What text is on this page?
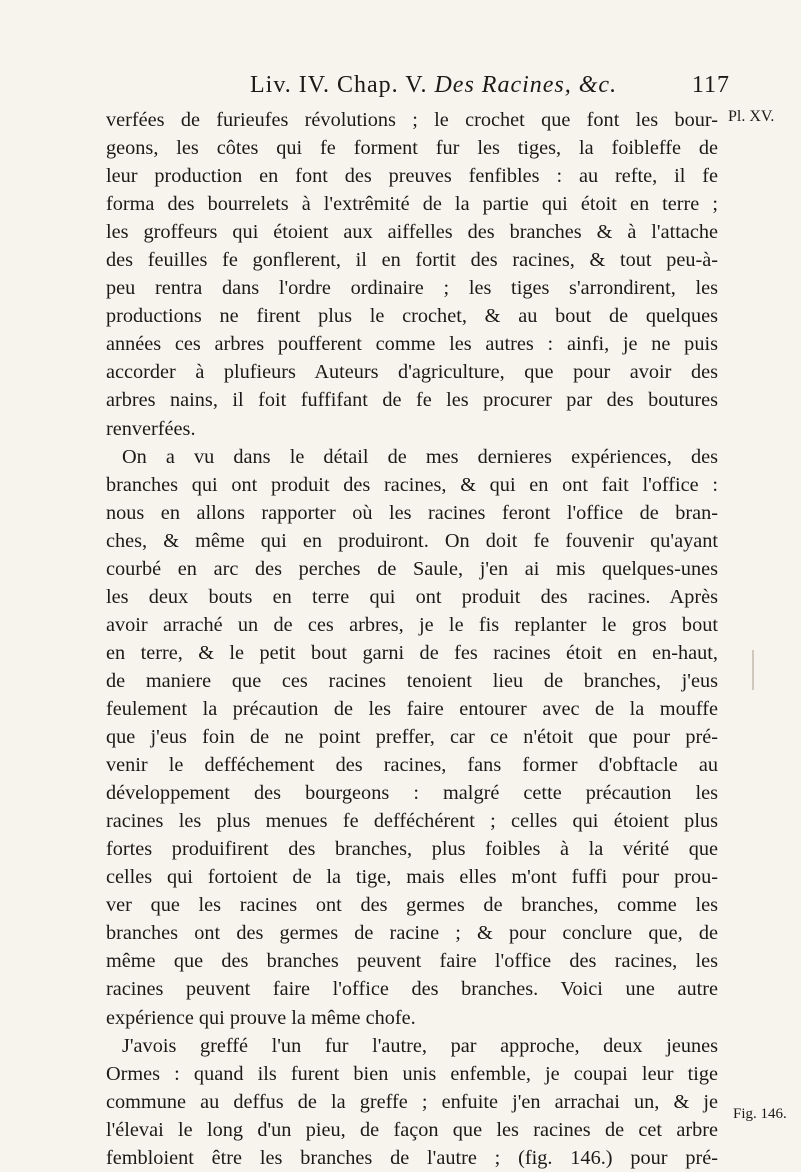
Liv. IV. Chap. V. Des Racines, &c.	117
Pl. XV.
Fig. 146.
verfées de furieufes révolutions ; le crochet que font les bour-
geons, les côtes qui fe forment fur les tiges, la foibleffe de
leur production en font des preuves fenfibles : au refte, il fe
forma des bourrelets à l'extrêmité de la partie qui étoit en terre ;
les groffeurs qui étoient aux aiffelles des branches & à l'attache
des feuilles fe gonflerent, il en fortit des racines, & tout peu-à-
peu rentra dans l'ordre ordinaire ; les tiges s'arrondirent, les
productions ne firent plus le crochet, & au bout de quelques
années ces arbres poufferent comme les autres : ainfi, je ne puis
accorder à plufieurs Auteurs d'agriculture, que pour avoir des
arbres nains, il foit fuffifant de fe les procurer par des boutures
renverfées.
On a vu dans le détail de mes dernieres expériences, des
branches qui ont produit des racines, & qui en ont fait l'office :
nous en allons rapporter où les racines feront l'office de bran-
ches, & même qui en produiront. On doit fe fouvenir qu'ayant
courbé en arc des perches de Saule, j'en ai mis quelques-unes
les deux bouts en terre qui ont produit des racines. Après
avoir arraché un de ces arbres, je le fis replanter le gros bout
en terre, & le petit bout garni de fes racines étoit en en-haut,
de maniere que ces racines tenoient lieu de branches, j'eus
feulement la précaution de les faire entourer avec de la mouffe
que j'eus foin de ne point preffer, car ce n'étoit que pour pré-
venir le defféchement des racines, fans former d'obftacle au
développement des bourgeons : malgré cette précaution les
racines les plus menues fe defféchérent ; celles qui étoient plus
fortes produifirent des branches, plus foibles à la vérité que
celles qui fortoient de la tige, mais elles m'ont fuffi pour prou-
ver que les racines ont des germes de branches, comme les
branches ont des germes de racine ; & pour conclure que, de
même que des branches peuvent faire l'office des racines, les
racines peuvent faire l'office des branches. Voici une autre
expérience qui prouve la même chofe.
J'avois greffé l'un fur l'autre, par approche, deux jeunes
Ormes : quand ils furent bien unis enfemble, je coupai leur tige
commune au deffus de la greffe ; enfuite j'en arrachai un, & je
l'élevai le long d'un pieu, de façon que les racines de cet arbre
fembloient être les branches de l'autre ; (fig. 146.) pour pré-
